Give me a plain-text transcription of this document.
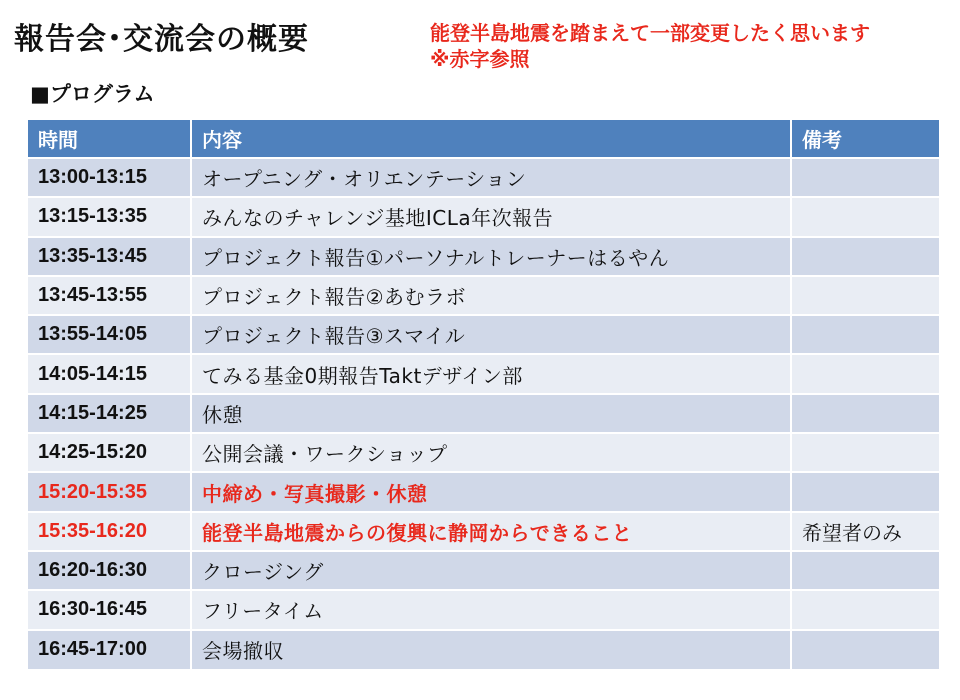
報告会･交流会の概要	能登半島地震を踏まえて一部変更したく思います
※赤字参照
■プログラム
時間	内容	備考
13:00-13:15	オープニング・オリエンテーション	
13:15-13:35	みんなのチャレンジ基地ICLa年次報告	
13:35-13:45	プロジェクト報告①パーソナルトレーナーはるやん	
13:45-13:55	プロジェクト報告②あむラボ	
13:55-14:05	プロジェクト報告③スマイル	
14:05-14:15	てみる基金0期報告Taktデザイン部	
14:15-14:25	休憩	
14:25-15:20	公開会議・ワークショップ	
15:20-15:35	中締め・写真撮影・休憩	
15:35-16:20	能登半島地震からの復興に静岡からできること	希望者のみ
16:20-16:30	クロージング	
16:30-16:45	フリータイム	
16:45-17:00	会場撤収	
